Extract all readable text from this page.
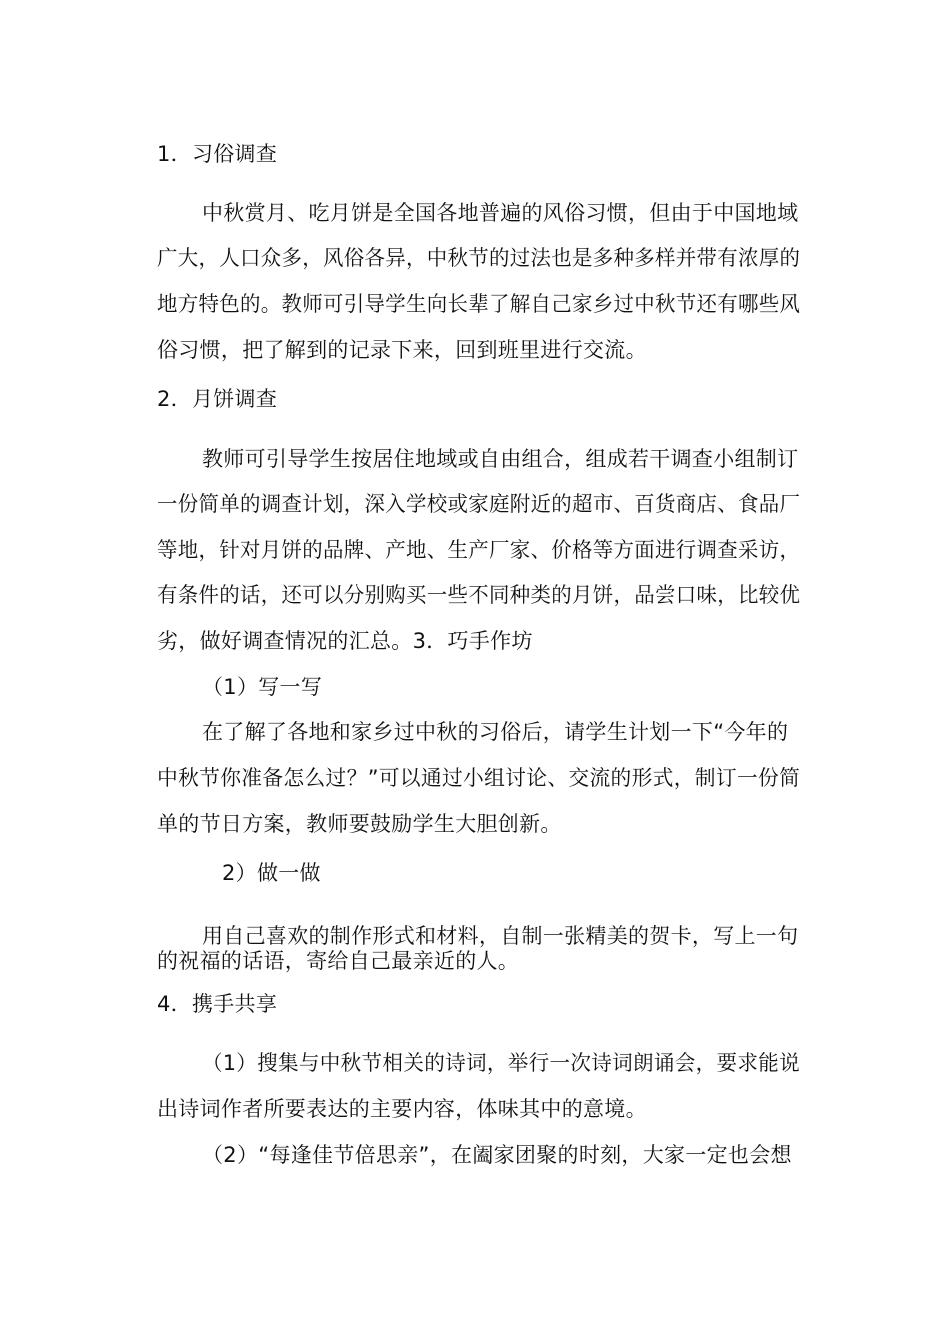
1．习俗调查
中秋赏月、吃月饼是全国各地普遍的风俗习惯，但由于中国地域
广大，人口众多，风俗各异，中秋节的过法也是多种多样并带有浓厚的
地方特色的。教师可引导学生向长辈了解自己家乡过中秋节还有哪些风
俗习惯，把了解到的记录下来，回到班里进行交流。
2．月饼调查
教师可引导学生按居住地域或自由组合，组成若干调查小组制订
一份简单的调查计划，深入学校或家庭附近的超市、百货商店、食品厂
等地，针对月饼的品牌、产地、生产厂家、价格等方面进行调查采访，
有条件的话，还可以分别购买一些不同种类的月饼，品尝口味，比较优
劣，做好调查情况的汇总。3．巧手作坊
（1）写一写
在了解了各地和家乡过中秋的习俗后，请学生计划一下“今年的
中秋节你准备怎么过？”可以通过小组讨论、交流的形式，制订一份简
单的节日方案，教师要鼓励学生大胆创新。
2）做一做
用自己喜欢的制作形式和材料，自制一张精美的贺卡，写上一句
的祝福的话语，寄给自己最亲近的人。
4．携手共享
（1）搜集与中秋节相关的诗词，举行一次诗词朗诵会，要求能说
出诗词作者所要表达的主要内容，体味其中的意境。
（2）“每逢佳节倍思亲”，在阖家团聚的时刻，大家一定也会想
